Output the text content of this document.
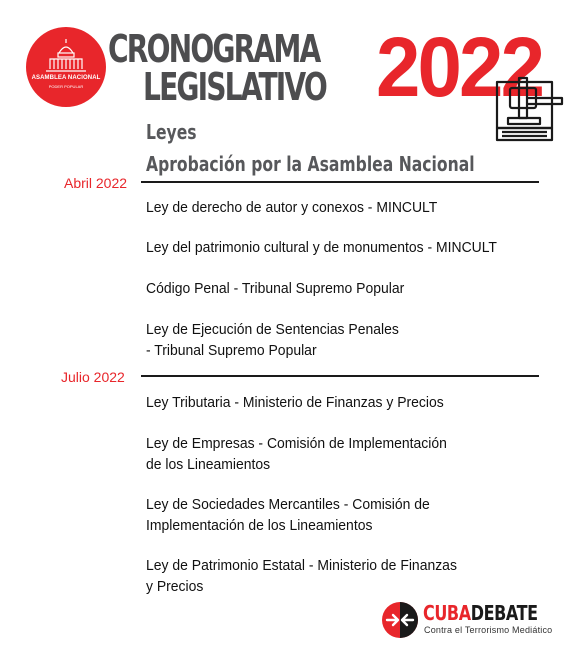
ASAMBLEA NACIONAL
PODER POPULAR
CRONOGRAMA
LEGISLATIVO 2022
Leyes
Aprobación por la Asamblea Nacional
Abril 2022
Ley de derecho de autor y conexos - MINCULT
Ley del patrimonio cultural y de monumentos - MINCULT
Código Penal - Tribunal Supremo Popular
Ley de Ejecución de Sentencias Penales
- Tribunal Supremo Popular
Julio 2022
Ley Tributaria - Ministerio de Finanzas y Precios
Ley de Empresas - Comisión de Implementación
de los Lineamientos
Ley de Sociedades Mercantiles - Comisión de
Implementación de los Lineamientos
Ley de Patrimonio Estatal - Ministerio de Finanzas
y Precios
CUBADEBATE
Contra el Terrorismo Mediático
